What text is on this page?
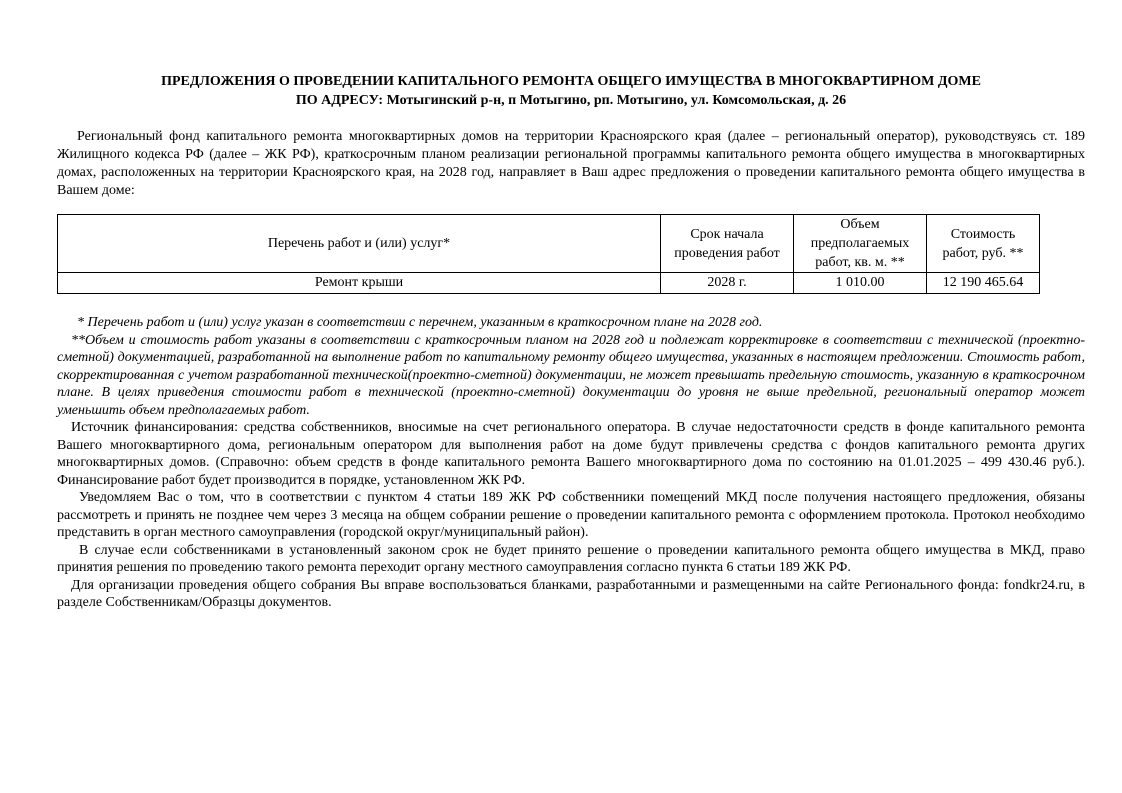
ПРЕДЛОЖЕНИЯ О ПРОВЕДЕНИИ КАПИТАЛЬНОГО РЕМОНТА ОБЩЕГО ИМУЩЕСТВА В МНОГОКВАРТИРНОМ ДОМЕ
ПО АДРЕСУ: Мотыгинский р-н, п Мотыгино, рп. Мотыгино, ул. Комсомольская, д. 26

Региональный фонд капитального ремонта многоквартирных домов на территории Красноярского края (далее – региональный оператор), руководствуясь ст. 189 Жилищного кодекса РФ (далее – ЖК РФ), краткосрочным планом реализации региональной программы капитального ремонта общего имущества в многоквартирных домах, расположенных на территории Красноярского края, на 2028 год, направляет в Ваш адрес предложения о проведении капитального ремонта общего имущества в Вашем доме:

Перечень работ и (или) услуг*	Срок начала проведения работ	Объем предполагаемых работ, кв. м. **	Стоимость работ, руб. **
Ремонт крыши	2028 г.	1 010.00	12 190 465.64

* Перечень работ и (или) услуг указан в соответствии с перечнем, указанным в краткосрочном плане на 2028 год.

**Объем и стоимость работ указаны в соответствии с краткосрочным планом на 2028 год и подлежат корректировке в соответствии с технической (проектно-сметной) документацией, разработанной на выполнение работ по капитальному ремонту общего имущества, указанных в настоящем предложении. Стоимость работ, скорректированная с учетом разработанной технической(проектно-сметной) документации, не может превышать предельную стоимость, указанную в краткосрочном плане. В целях приведения стоимости работ в технической (проектно-сметной) документации до уровня не выше предельной, региональный оператор может уменьшить объем предполагаемых работ.

Источник финансирования: средства собственников, вносимые на счет регионального оператора. В случае недостаточности средств в фонде капитального ремонта Вашего многоквартирного дома, региональным оператором для выполнения работ на доме будут привлечены средства с фондов капитального ремонта других многоквартирных домов. (Справочно: объем средств в фонде капитального ремонта Вашего многоквартирного дома по состоянию на 01.01.2025 – 499 430.46 руб.). Финансирование работ будет производится в порядке, установленном ЖК РФ.

Уведомляем Вас о том, что в соответствии с пунктом 4 статьи 189 ЖК РФ собственники помещений МКД после получения настоящего предложения, обязаны рассмотреть и принять не позднее чем через 3 месяца на общем собрании решение о проведении капитального ремонта с оформлением протокола. Протокол необходимо представить в орган местного самоуправления (городской округ/муниципальный район).

В случае если собственниками в установленный законом срок не будет принято решение о проведении капитального ремонта общего имущества в МКД, право принятия решения по проведению такого ремонта переходит органу местного самоуправления согласно пункта 6 статьи 189 ЖК РФ.

Для организации проведения общего собрания Вы вправе воспользоваться бланками, разработанными и размещенными на сайте Регионального фонда: fondkr24.ru, в разделе Собственникам/Образцы документов.
